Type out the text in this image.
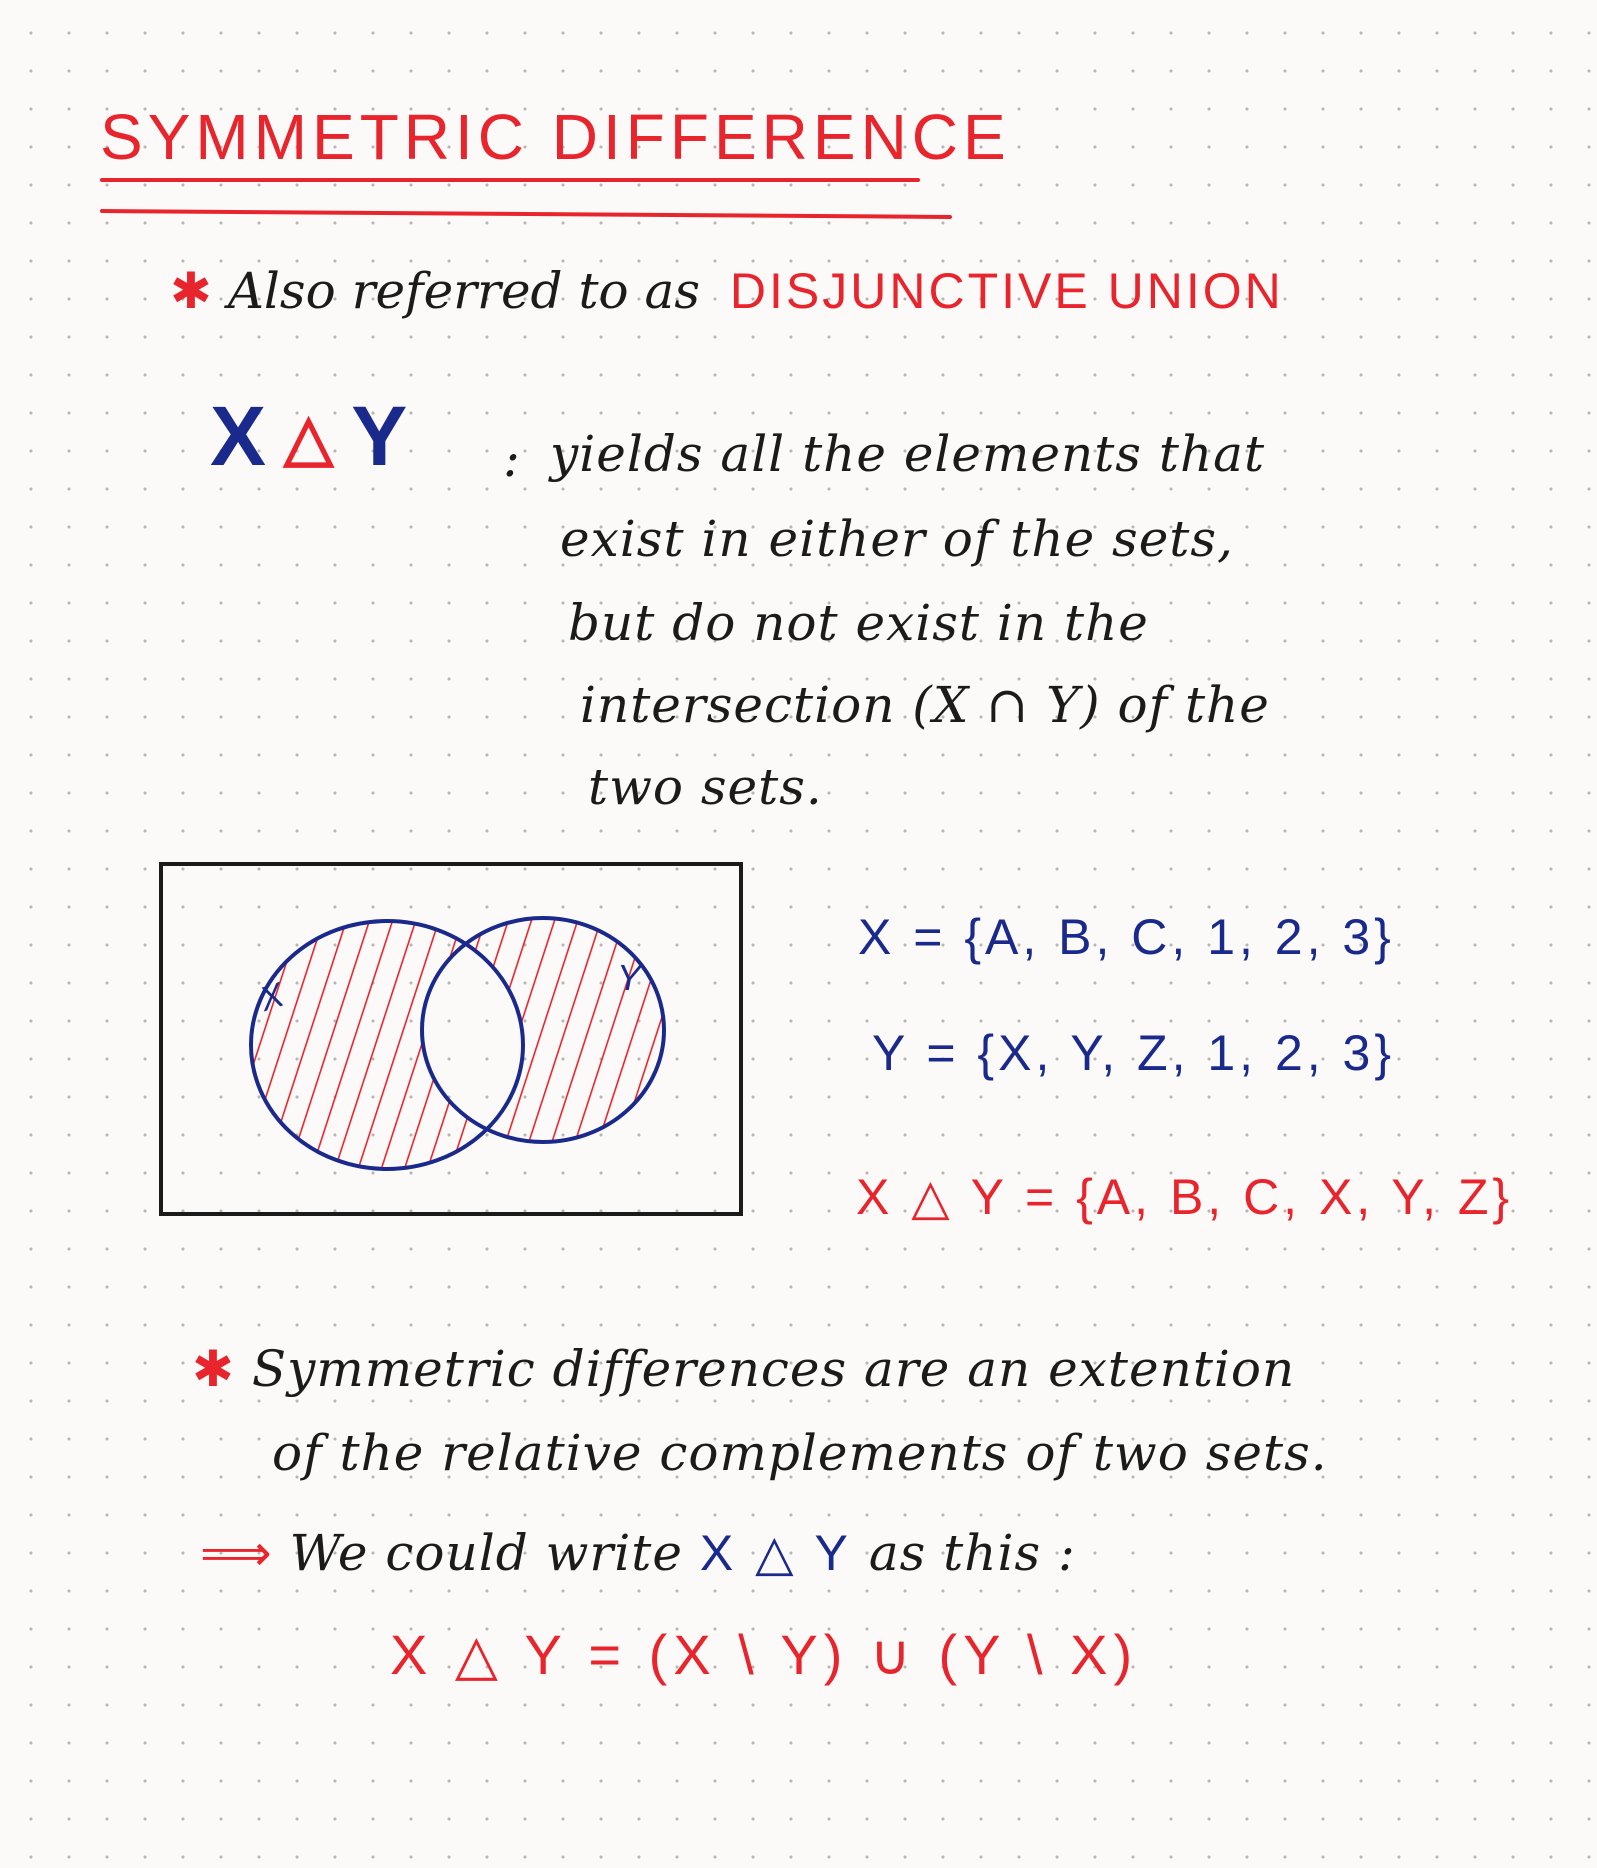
SYMMETRIC DIFFERENCE
✱ Also referred to as DISJUNCTIVE UNION
X △ Y : yields all the elements that
exist in either of the sets,
but do not exist in the
intersection (X ∩ Y) of the
two sets.
X	Y
X = {A, B, C, 1, 2, 3}
Y = {X, Y, Z, 1, 2, 3}
X △ Y = {A, B, C, X, Y, Z}
✱ Symmetric differences are an extention
of the relative complements of two sets.
⟹ We could write X △ Y as this :
X △ Y = (X \ Y) ∪ (Y \ X)
